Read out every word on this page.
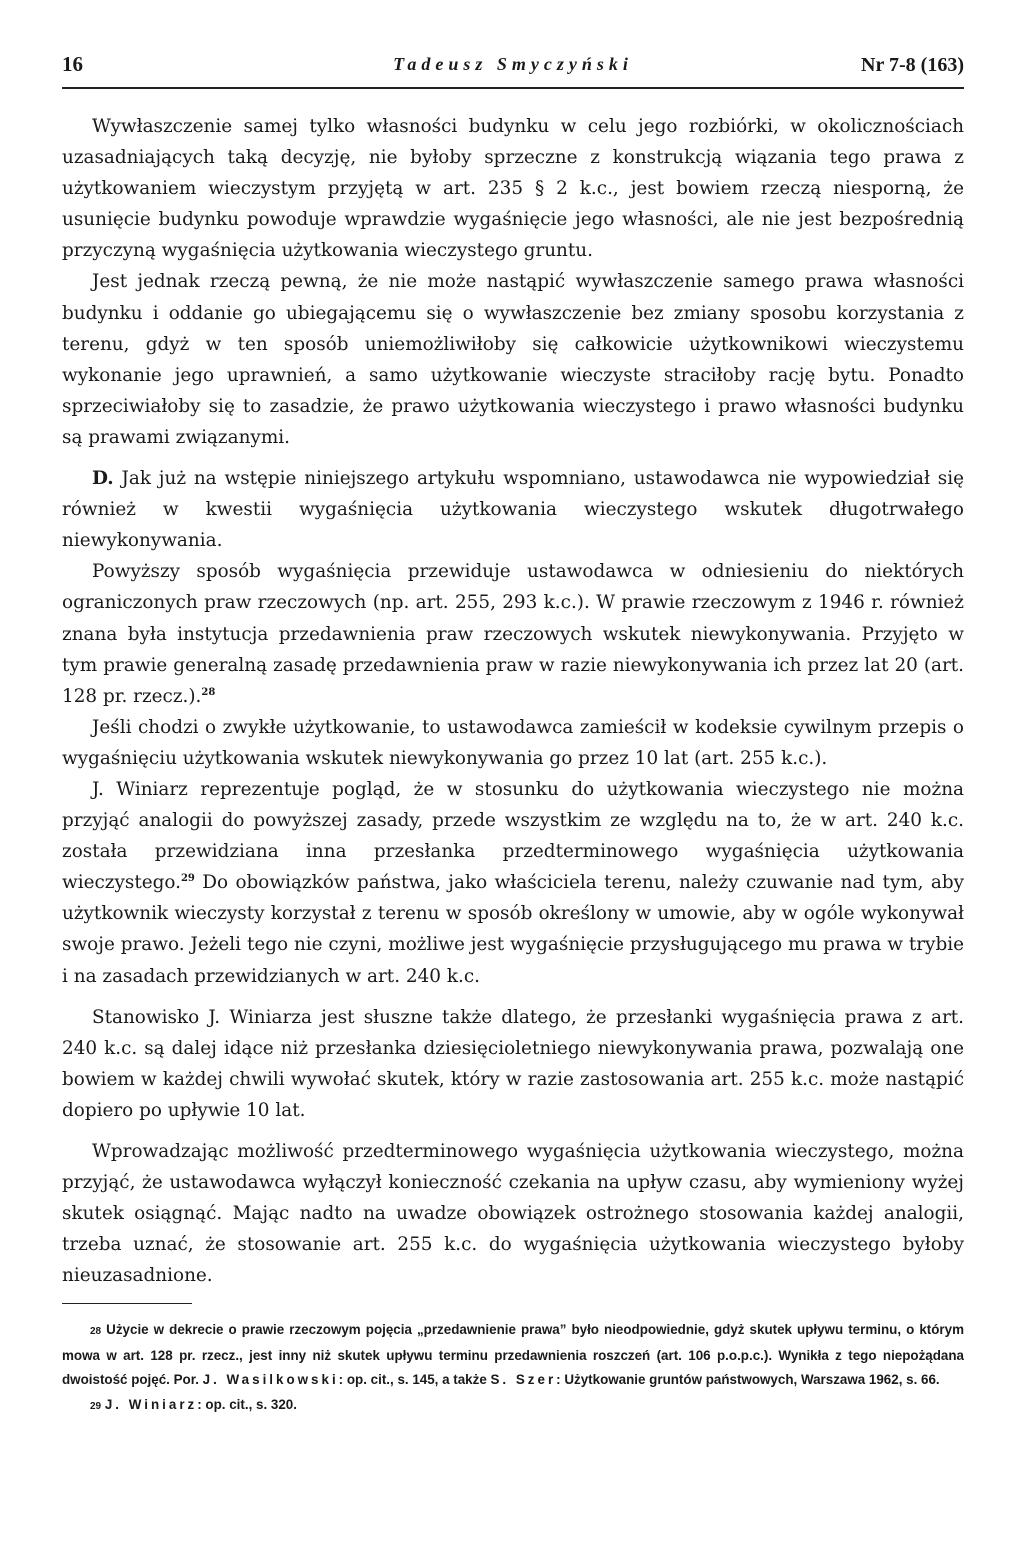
16	Tadeusz Smyczyński	Nr 7-8 (163)

Wywłaszczenie samej tylko własności budynku w celu jego rozbiórki, w okolicznościach uzasadniających taką decyzję, nie byłoby sprzeczne z konstrukcją wiązania tego prawa z użytkowaniem wieczystym przyjętą w art. 235 § 2 k.c., jest bowiem rzeczą niesporną, że usunięcie budynku powoduje wprawdzie wygaśnięcie jego własności, ale nie jest bezpośrednią przyczyną wygaśnięcia użytkowania wieczystego gruntu.

Jest jednak rzeczą pewną, że nie może nastąpić wywłaszczenie samego prawa własności budynku i oddanie go ubiegającemu się o wywłaszczenie bez zmiany sposobu korzystania z terenu, gdyż w ten sposób uniemożliwiłoby się całkowicie użytkownikowi wieczystemu wykonanie jego uprawnień, a samo użytkowanie wieczyste straciłoby rację bytu. Ponadto sprzeciwiałoby się to zasadzie, że prawo użytkowania wieczystego i prawo własności budynku są prawami związanymi.

D. Jak już na wstępie niniejszego artykułu wspomniano, ustawodawca nie wypowiedział się również w kwestii wygaśnięcia użytkowania wieczystego wskutek długotrwałego niewykonywania.

Powyższy sposób wygaśnięcia przewiduje ustawodawca w odniesieniu do niektórych ograniczonych praw rzeczowych (np. art. 255, 293 k.c.). W prawie rzeczowym z 1946 r. również znana była instytucja przedawnienia praw rzeczowych wskutek niewykonywania. Przyjęto w tym prawie generalną zasadę przedawnienia praw w razie niewykonywania ich przez lat 20 (art. 128 pr. rzecz.).$^{28}$

Jeśli chodzi o zwykłe użytkowanie, to ustawodawca zamieścił w kodeksie cywilnym przepis o wygaśnięciu użytkowania wskutek niewykonywania go przez 10 lat (art. 255 k.c.).

J. Winiarz reprezentuje pogląd, że w stosunku do użytkowania wieczystego nie można przyjąć analogii do powyższej zasady, przede wszystkim ze względu na to, że w art. 240 k.c. została przewidziana inna przesłanka przedterminowego wygaśnięcia użytkowania wieczystego.$^{29}$ Do obowiązków państwa, jako właściciela terenu, należy czuwanie nad tym, aby użytkownik wieczysty korzystał z terenu w sposób określony w umowie, aby w ogóle wykonywał swoje prawo. Jeżeli tego nie czyni, możliwe jest wygaśnięcie przysługującego mu prawa w trybie i na zasadach przewidzianych w art. 240 k.c.

Stanowisko J. Winiarza jest słuszne także dlatego, że przesłanki wygaśnięcia prawa z art. 240 k.c. są dalej idące niż przesłanka dziesięcioletniego niewykonywania prawa, pozwalają one bowiem w każdej chwili wywołać skutek, który w razie zastosowania art. 255 k.c. może nastąpić dopiero po upływie 10 lat.

Wprowadzając możliwość przedterminowego wygaśnięcia użytkowania wieczystego, można przyjąć, że ustawodawca wyłączył konieczność czekania na upływ czasu, aby wymieniony wyżej skutek osiągnąć. Mając nadto na uwadze obowiązek ostrożnego stosowania każdej analogii, trzeba uznać, że stosowanie art. 255 k.c. do wygaśnięcia użytkowania wieczystego byłoby nieuzasadnione.

28 Użycie w dekrecie o prawie rzeczowym pojęcia „przedawnienie prawa” było nieodpowiednie, gdyż skutek upływu terminu, o którym mowa w art. 128 pr. rzecz., jest inny niż skutek upływu terminu przedawnienia roszczeń (art. 106 p.o.p.c.). Wynikła z tego niepożądana dwoistość pojęć. Por. J. Wasilkowski: op. cit., s. 145, a także S. Szer: Użytkowanie gruntów państwowych, Warszawa 1962, s. 66.

29 J. Winiarz: op. cit., s. 320.
